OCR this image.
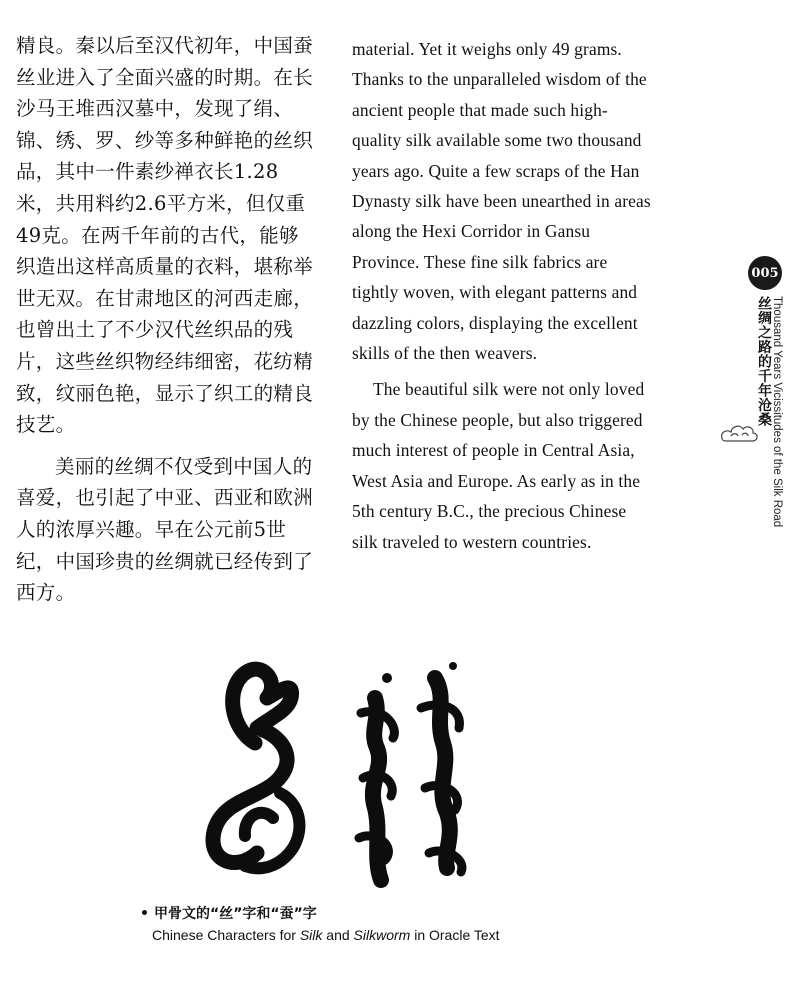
精良。秦以后至汉代初年，中国蚕丝业进入了全面兴盛的时期。在长沙马王堆西汉墓中，发现了绢、锦、绣、罗、纱等多种鲜艳的丝织品，其中一件素纱禅衣长1.28米，共用料约2.6平方米，但仅重49克。在两千年前的古代，能够织造出这样高质量的衣料，堪称举世无双。在甘肃地区的河西走廊，也曾出土了不少汉代丝织品的残片，这些丝织物经纬细密，花纺精致，纹丽色艳，显示了织工的精良技艺。

美丽的丝绸不仅受到中国人的喜爱，也引起了中亚、西亚和欧洲人的浓厚兴趣。早在公元前5世纪，中国珍贵的丝绸就已经传到了西方。

material. Yet it weighs only 49 grams. Thanks to the unparalleled wisdom of the ancient people that made such high-quality silk available some two thousand years ago. Quite a few scraps of the Han Dynasty silk have been unearthed in areas along the Hexi Corridor in Gansu Province. These fine silk fabrics are tightly woven, with elegant patterns and dazzling colors, displaying the excellent skills of the then weavers.

The beautiful silk were not only loved by the Chinese people, but also triggered much interest of people in Central Asia, West Asia and Europe. As early as in the 5th century B.C., the precious Chinese silk traveled to western countries.

005
丝绸之路的千年沧桑 Thousand Years Vicissitudes of the Silk Road
甲骨文的“丝”字和“蚕”字
Chinese Characters for Silk and Silkworm in Oracle Text
